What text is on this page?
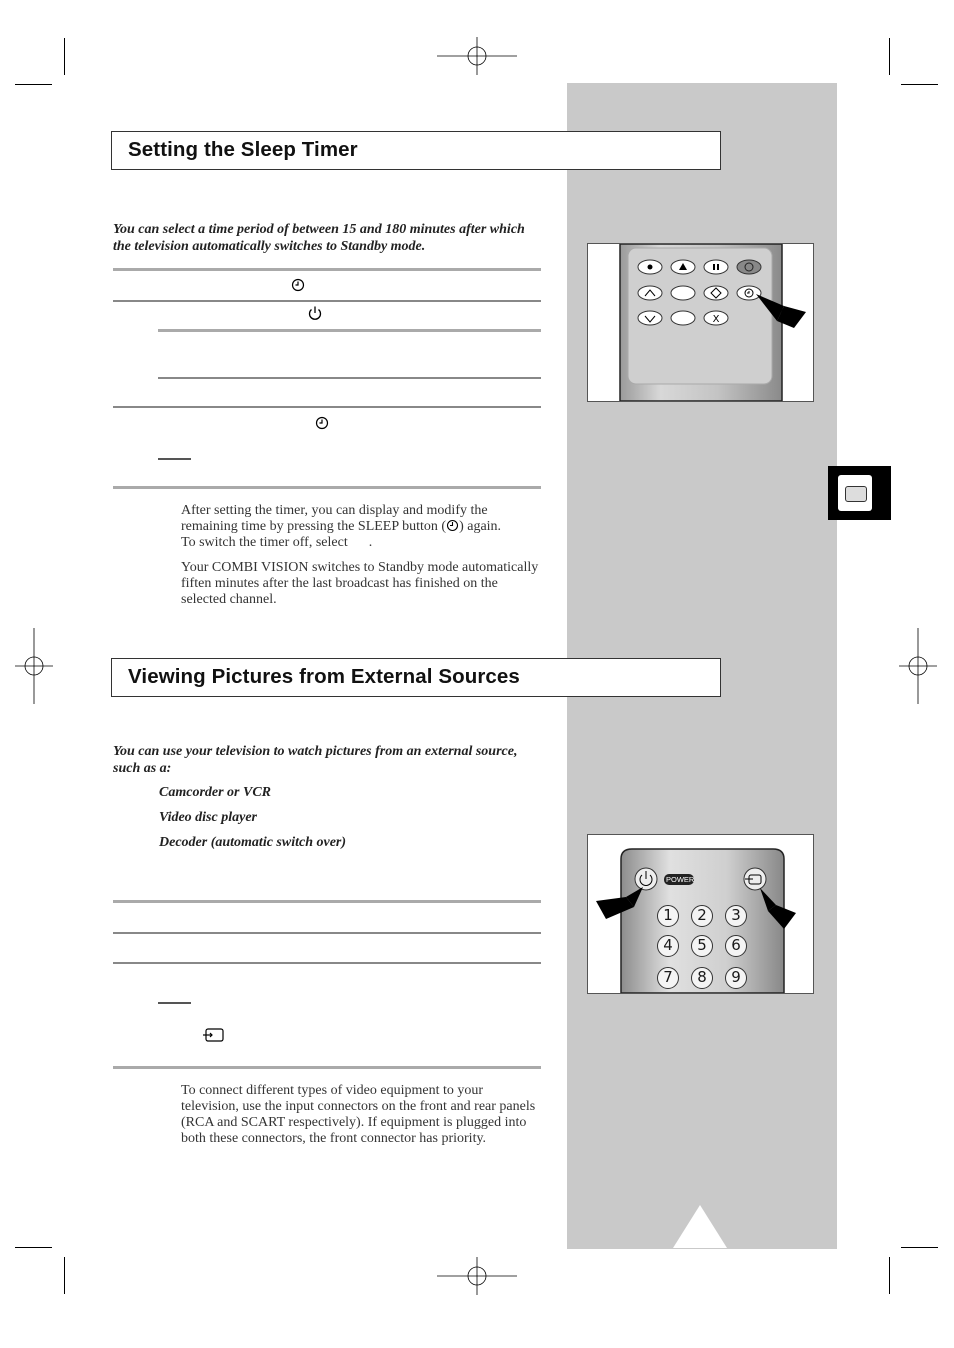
Setting the Sleep Timer
You can select a time period of between 15 and 180 minutes after which the television automatically switches to Standby mode.
After setting the timer, you can display and modify the remaining time by pressing the SLEEP button ( ) again.
To switch the timer off, select .
Your COMBI VISION switches to Standby mode automatically fiften minutes after the last broadcast has finished on the selected channel.
X
Viewing Pictures from External Sources
You can use your television to watch pictures from an external source, such as a:
Camcorder or VCR
Video disc player
Decoder (automatic switch over)
To connect different types of video equipment to your television, use the input connectors on the front and rear panels (RCA and SCART respectively). If equipment is plugged into both these connectors, the front connector has priority.
POWER
1 2 3
4 5 6
7 8 9
